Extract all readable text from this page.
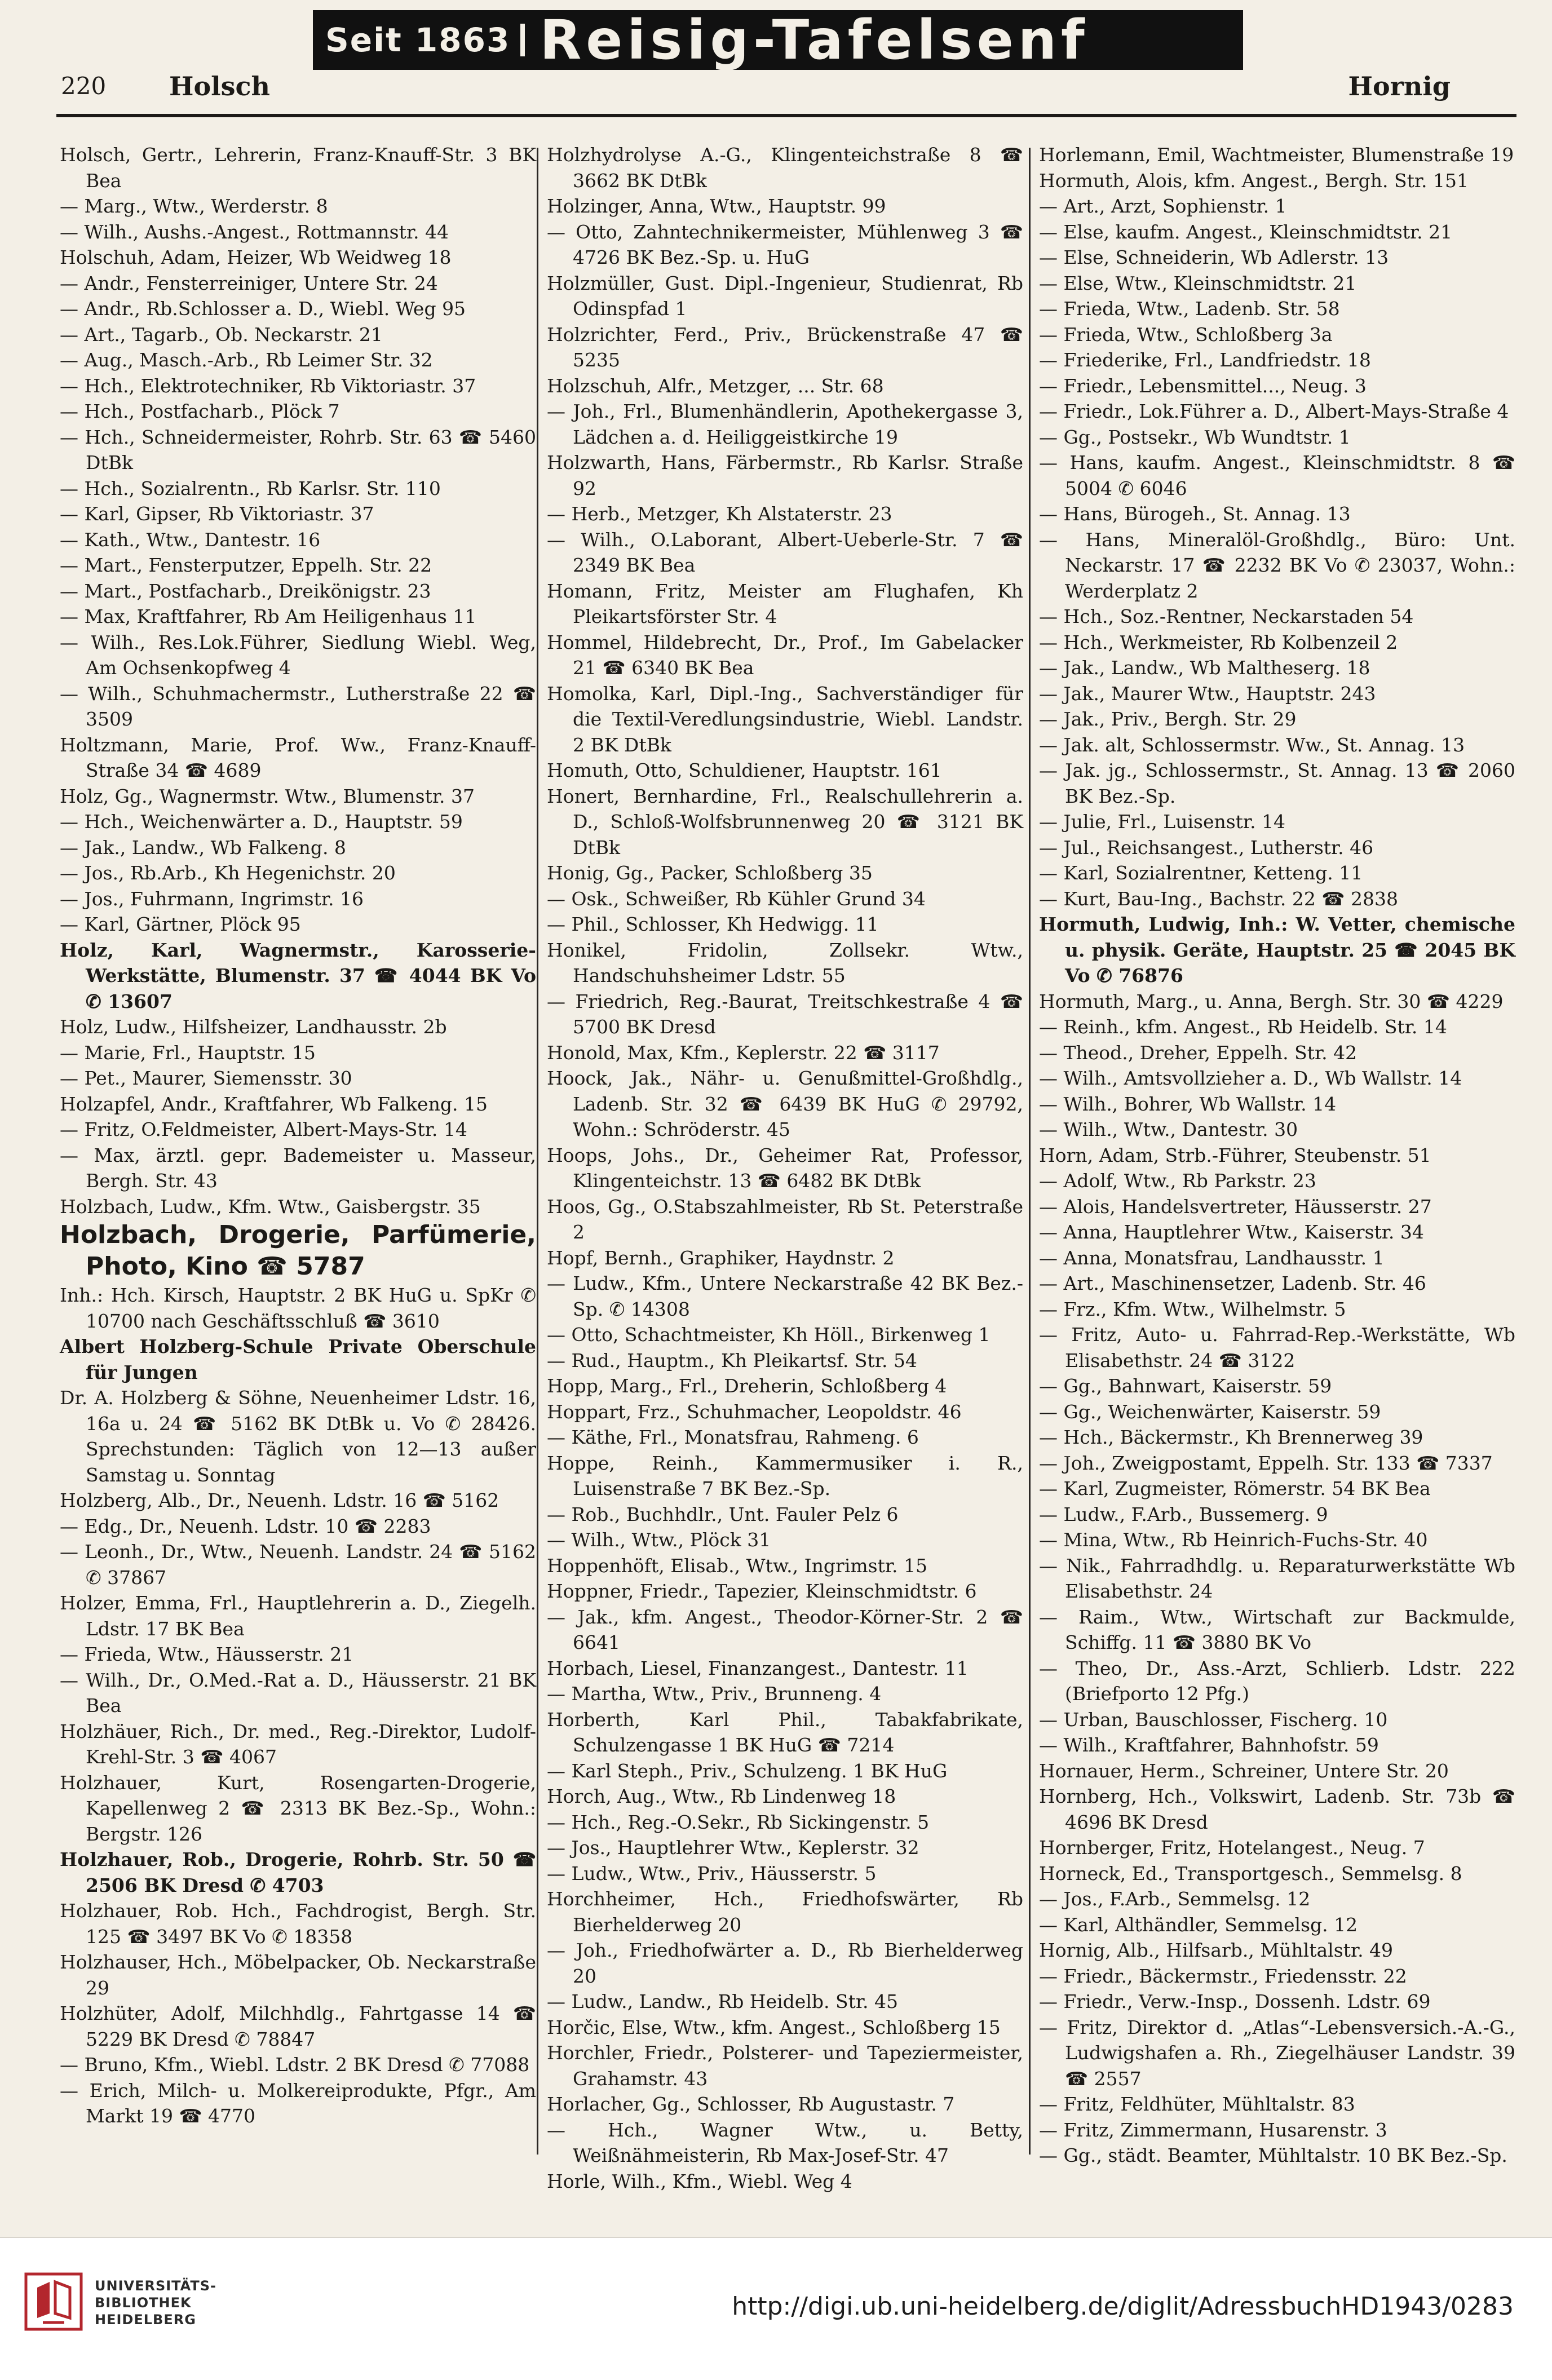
Seit 1863 Reisig-Tafelsenf
220 Holsch	Hornig

Holsch, Gertr., Lehrerin, Franz-Knauff-Str. 3 BK Bea

— Marg., Wtw., Werderstr. 8

— Wilh., Aushs.-Angest., Rottmannstr. 44

Holschuh, Adam, Heizer, Wb Weidweg 18

— Andr., Fensterreiniger, Untere Str. 24

— Andr., Rb.Schlosser a. D., Wiebl. Weg 95

— Art., Tagarb., Ob. Neckarstr. 21

— Aug., Masch.-Arb., Rb Leimer Str. 32

— Hch., Elektrotechniker, Rb Viktoriastr. 37

— Hch., Postfacharb., Plöck 7

— Hch., Schneidermeister, Rohrb. Str. 63 ☎ 5460 DtBk

— Hch., Sozialrentn., Rb Karlsr. Str. 110

— Karl, Gipser, Rb Viktoriastr. 37

— Kath., Wtw., Dantestr. 16

— Mart., Fensterputzer, Eppelh. Str. 22

— Mart., Postfacharb., Dreikönigstr. 23

— Max, Kraftfahrer, Rb Am Heiligenhaus 11

— Wilh., Res.Lok.Führer, Siedlung Wiebl. Weg, Am Ochsenkopfweg 4

— Wilh., Schuhmachermstr., Lutherstraße 22 ☎ 3509

Holtzmann, Marie, Prof. Ww., Franz-Knauff-Straße 34 ☎ 4689

Holz, Gg., Wagnermstr. Wtw., Blumenstr. 37

— Hch., Weichenwärter a. D., Hauptstr. 59

— Jak., Landw., Wb Falkeng. 8

— Jos., Rb.Arb., Kh Hegenichstr. 20

— Jos., Fuhrmann, Ingrimstr. 16

— Karl, Gärtner, Plöck 95

Holz, Karl, Wagnermstr., Karosserie-Werkstätte, Blumenstr. 37 ☎ 4044 BK Vo ✆ 13607

Holz, Ludw., Hilfsheizer, Landhausstr. 2b

— Marie, Frl., Hauptstr. 15

— Pet., Maurer, Siemensstr. 30

Holzapfel, Andr., Kraftfahrer, Wb Falkeng. 15

— Fritz, O.Feldmeister, Albert-Mays-Str. 14

— Max, ärztl. gepr. Bademeister u. Masseur, Bergh. Str. 43

Holzbach, Ludw., Kfm. Wtw., Gaisbergstr. 35

Holzbach, Drogerie, Parfümerie, Photo, Kino ☎ 5787

Inh.: Hch. Kirsch, Hauptstr. 2 BK HuG u. SpKr ✆ 10700 nach Geschäftsschluß ☎ 3610

Albert Holzberg-Schule Private Oberschule für Jungen

Dr. A. Holzberg & Söhne, Neuenheimer Ldstr. 16, 16a u. 24 ☎ 5162 BK DtBk u. Vo ✆ 28426. Sprechstunden: Täglich von 12—13 außer Samstag u. Sonntag

Holzberg, Alb., Dr., Neuenh. Ldstr. 16 ☎ 5162

— Edg., Dr., Neuenh. Ldstr. 10 ☎ 2283

— Leonh., Dr., Wtw., Neuenh. Landstr. 24 ☎ 5162 ✆ 37867

Holzer, Emma, Frl., Hauptlehrerin a. D., Ziegelh. Ldstr. 17 BK Bea

— Frieda, Wtw., Häusserstr. 21

— Wilh., Dr., O.Med.-Rat a. D., Häusserstr. 21 BK Bea

Holzhäuer, Rich., Dr. med., Reg.-Direktor, Ludolf-Krehl-Str. 3 ☎ 4067

Holzhauer, Kurt, Rosengarten-Drogerie, Kapellenweg 2 ☎ 2313 BK Bez.-Sp., Wohn.: Bergstr. 126

Holzhauer, Rob., Drogerie, Rohrb. Str. 50 ☎ 2506 BK Dresd ✆ 4703

Holzhauer, Rob. Hch., Fachdrogist, Bergh. Str. 125 ☎ 3497 BK Vo ✆ 18358

Holzhauser, Hch., Möbelpacker, Ob. Neckarstraße 29

Holzhüter, Adolf, Milchhdlg., Fahrtgasse 14 ☎ 5229 BK Dresd ✆ 78847

— Bruno, Kfm., Wiebl. Ldstr. 2 BK Dresd ✆ 77088

— Erich, Milch- u. Molkereiprodukte, Pfgr., Am Markt 19 ☎ 4770

Holzhydrolyse A.-G., Klingenteichstraße 8 ☎ 3662 BK DtBk

Holzinger, Anna, Wtw., Hauptstr. 99

— Otto, Zahntechnikermeister, Mühlenweg 3 ☎ 4726 BK Bez.-Sp. u. HuG

Holzmüller, Gust. Dipl.-Ingenieur, Studienrat, Rb Odinspfad 1

Holzrichter, Ferd., Priv., Brückenstraße 47 ☎ 5235

Holzschuh, Alfr., Metzger, ... Str. 68

— Joh., Frl., Blumenhändlerin, Apothekergasse 3, Lädchen a. d. Heiliggeistkirche 19

Holzwarth, Hans, Färbermstr., Rb Karlsr. Straße 92

— Herb., Metzger, Kh Alstaterstr. 23

— Wilh., O.Laborant, Albert-Ueberle-Str. 7 ☎ 2349 BK Bea

Homann, Fritz, Meister am Flughafen, Kh Pleikartsförster Str. 4

Hommel, Hildebrecht, Dr., Prof., Im Gabelacker 21 ☎ 6340 BK Bea

Homolka, Karl, Dipl.-Ing., Sachverständiger für die Textil-Veredlungsindustrie, Wiebl. Landstr. 2 BK DtBk

Homuth, Otto, Schuldiener, Hauptstr. 161

Honert, Bernhardine, Frl., Realschullehrerin a. D., Schloß-Wolfsbrunnenweg 20 ☎ 3121 BK DtBk

Honig, Gg., Packer, Schloßberg 35

— Osk., Schweißer, Rb Kühler Grund 34

— Phil., Schlosser, Kh Hedwigg. 11

Honikel, Fridolin, Zollsekr. Wtw., Handschuhsheimer Ldstr. 55

— Friedrich, Reg.-Baurat, Treitschkestraße 4 ☎ 5700 BK Dresd

Honold, Max, Kfm., Keplerstr. 22 ☎ 3117

Hoock, Jak., Nähr- u. Genußmittel-Großhdlg., Ladenb. Str. 32 ☎ 6439 BK HuG ✆ 29792, Wohn.: Schröderstr. 45

Hoops, Johs., Dr., Geheimer Rat, Professor, Klingenteichstr. 13 ☎ 6482 BK DtBk

Hoos, Gg., O.Stabszahlmeister, Rb St. Peterstraße 2

Hopf, Bernh., Graphiker, Haydnstr. 2

— Ludw., Kfm., Untere Neckarstraße 42 BK Bez.-Sp. ✆ 14308

— Otto, Schachtmeister, Kh Höll., Birkenweg 1

— Rud., Hauptm., Kh Pleikartsf. Str. 54

Hopp, Marg., Frl., Dreherin, Schloßberg 4

Hoppart, Frz., Schuhmacher, Leopoldstr. 46

— Käthe, Frl., Monatsfrau, Rahmeng. 6

Hoppe, Reinh., Kammermusiker i. R., Luisenstraße 7 BK Bez.-Sp.

— Rob., Buchhdlr., Unt. Fauler Pelz 6

— Wilh., Wtw., Plöck 31

Hoppenhöft, Elisab., Wtw., Ingrimstr. 15

Hoppner, Friedr., Tapezier, Kleinschmidtstr. 6

— Jak., kfm. Angest., Theodor-Körner-Str. 2 ☎ 6641

Horbach, Liesel, Finanzangest., Dantestr. 11

— Martha, Wtw., Priv., Brunneng. 4

Horberth, Karl Phil., Tabakfabrikate, Schulzengasse 1 BK HuG ☎ 7214

— Karl Steph., Priv., Schulzeng. 1 BK HuG

Horch, Aug., Wtw., Rb Lindenweg 18

— Hch., Reg.-O.Sekr., Rb Sickingenstr. 5

— Jos., Hauptlehrer Wtw., Keplerstr. 32

— Ludw., Wtw., Priv., Häusserstr. 5

Horchheimer, Hch., Friedhofswärter, Rb Bierhelderweg 20

— Joh., Friedhofwärter a. D., Rb Bierhelderweg 20

— Ludw., Landw., Rb Heidelb. Str. 45

Horčic, Else, Wtw., kfm. Angest., Schloßberg 15

Horchler, Friedr., Polsterer- und Tapeziermeister, Grahamstr. 43

Horlacher, Gg., Schlosser, Rb Augustastr. 7

— Hch., Wagner Wtw., u. Betty, Weißnähmeisterin, Rb Max-Josef-Str. 47

Horle, Wilh., Kfm., Wiebl. Weg 4

Horlemann, Emil, Wachtmeister, Blumenstraße 19

Hormuth, Alois, kfm. Angest., Bergh. Str. 151

— Art., Arzt, Sophienstr. 1

— Else, kaufm. Angest., Kleinschmidtstr. 21

— Else, Schneiderin, Wb Adlerstr. 13

— Else, Wtw., Kleinschmidtstr. 21

— Frieda, Wtw., Ladenb. Str. 58

— Frieda, Wtw., Schloßberg 3a

— Friederike, Frl., Landfriedstr. 18

— Friedr., Lebensmittel..., Neug. 3

— Friedr., Lok.Führer a. D., Albert-Mays-Straße 4

— Gg., Postsekr., Wb Wundtstr. 1

— Hans, kaufm. Angest., Kleinschmidtstr. 8 ☎ 5004 ✆ 6046

— Hans, Bürogeh., St. Annag. 13

— Hans, Mineralöl-Großhdlg., Büro: Unt. Neckarstr. 17 ☎ 2232 BK Vo ✆ 23037, Wohn.: Werderplatz 2

— Hch., Soz.-Rentner, Neckarstaden 54

— Hch., Werkmeister, Rb Kolbenzeil 2

— Jak., Landw., Wb Maltheserg. 18

— Jak., Maurer Wtw., Hauptstr. 243

— Jak., Priv., Bergh. Str. 29

— Jak. alt, Schlossermstr. Ww., St. Annag. 13

— Jak. jg., Schlossermstr., St. Annag. 13 ☎ 2060 BK Bez.-Sp.

— Julie, Frl., Luisenstr. 14

— Jul., Reichsangest., Lutherstr. 46

— Karl, Sozialrentner, Ketteng. 11

— Kurt, Bau-Ing., Bachstr. 22 ☎ 2838

Hormuth, Ludwig, Inh.: W. Vetter, chemische u. physik. Geräte, Hauptstr. 25 ☎ 2045 BK Vo ✆ 76876

Hormuth, Marg., u. Anna, Bergh. Str. 30 ☎ 4229

— Reinh., kfm. Angest., Rb Heidelb. Str. 14

— Theod., Dreher, Eppelh. Str. 42

— Wilh., Amtsvollzieher a. D., Wb Wallstr. 14

— Wilh., Bohrer, Wb Wallstr. 14

— Wilh., Wtw., Dantestr. 30

Horn, Adam, Strb.-Führer, Steubenstr. 51

— Adolf, Wtw., Rb Parkstr. 23

— Alois, Handelsvertreter, Häusserstr. 27

— Anna, Hauptlehrer Wtw., Kaiserstr. 34

— Anna, Monatsfrau, Landhausstr. 1

— Art., Maschinensetzer, Ladenb. Str. 46

— Frz., Kfm. Wtw., Wilhelmstr. 5

— Fritz, Auto- u. Fahrrad-Rep.-Werkstätte, Wb Elisabethstr. 24 ☎ 3122

— Gg., Bahnwart, Kaiserstr. 59

— Gg., Weichenwärter, Kaiserstr. 59

— Hch., Bäckermstr., Kh Brennerweg 39

— Joh., Zweigpostamt, Eppelh. Str. 133 ☎ 7337

— Karl, Zugmeister, Römerstr. 54 BK Bea

— Ludw., F.Arb., Bussemerg. 9

— Mina, Wtw., Rb Heinrich-Fuchs-Str. 40

— Nik., Fahrradhdlg. u. Reparaturwerkstätte Wb Elisabethstr. 24

— Raim., Wtw., Wirtschaft zur Backmulde, Schiffg. 11 ☎ 3880 BK Vo

— Theo, Dr., Ass.-Arzt, Schlierb. Ldstr. 222 (Briefporto 12 Pfg.)

— Urban, Bauschlosser, Fischerg. 10

— Wilh., Kraftfahrer, Bahnhofstr. 59

Hornauer, Herm., Schreiner, Untere Str. 20

Hornberg, Hch., Volkswirt, Ladenb. Str. 73b ☎ 4696 BK Dresd

Hornberger, Fritz, Hotelangest., Neug. 7

Horneck, Ed., Transportgesch., Semmelsg. 8

— Jos., F.Arb., Semmelsg. 12

— Karl, Althändler, Semmelsg. 12

Hornig, Alb., Hilfsarb., Mühltalstr. 49

— Friedr., Bäckermstr., Friedensstr. 22

— Friedr., Verw.-Insp., Dossenh. Ldstr. 69

— Fritz, Direktor d. „Atlas“-Lebensversich.-A.-G., Ludwigshafen a. Rh., Ziegelhäuser Landstr. 39 ☎ 2557

— Fritz, Feldhüter, Mühltalstr. 83

— Fritz, Zimmermann, Husarenstr. 3

— Gg., städt. Beamter, Mühltalstr. 10 BK Bez.-Sp.

UNIVERSITÄTS-
BIBLIOTHEK
HEIDELBERG	http://digi.ub.uni-heidelberg.de/diglit/AdressbuchHD1943/0283
